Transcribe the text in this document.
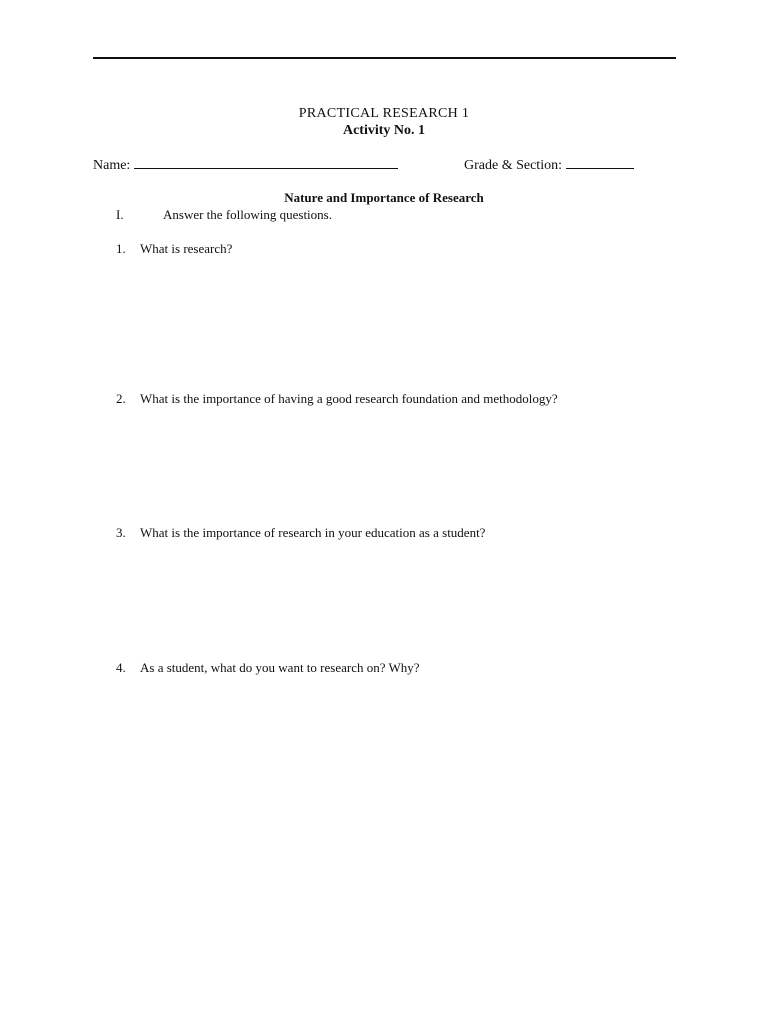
PRACTICAL RESEARCH 1
Activity No. 1
Name:	Grade & Section:
Nature and Importance of Research
I.	Answer the following questions.
1. What is research?
2. What is the importance of having a good research foundation and methodology?
3. What is the importance of research in your education as a student?
4. As a student, what do you want to research on? Why?
